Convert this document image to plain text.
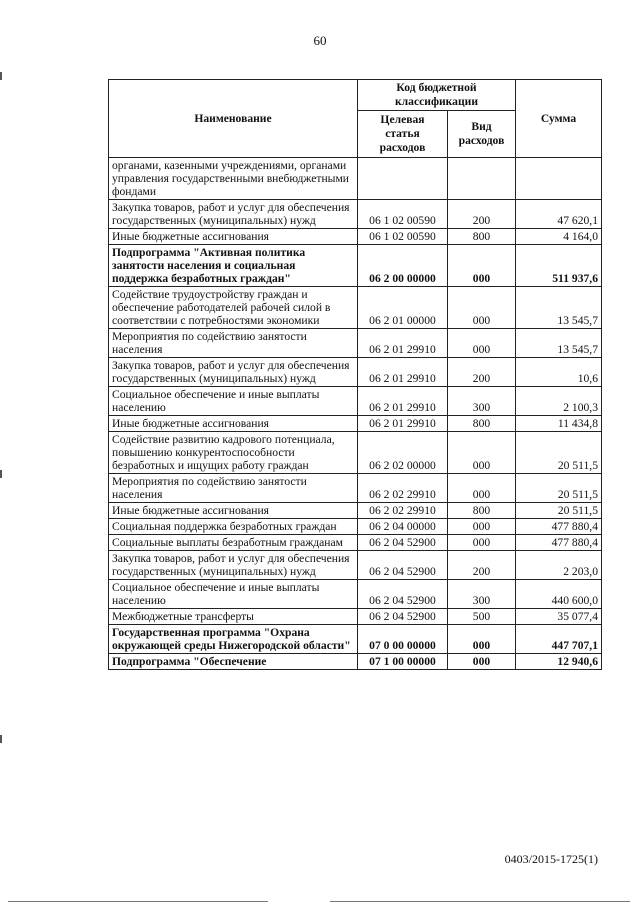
60
Наименование	Код бюджетной классификации		Сумма
	Целевая статья расходов	Вид расходов	
органами, казенными учреждениями, органами управления государственными внебюджетными фондами			
Закупка товаров, работ и услуг для обеспечения государственных (муниципальных) нужд	06 1 02 00590	200	47 620,1
Иные бюджетные ассигнования	06 1 02 00590	800	4 164,0
Подпрограмма "Активная политика занятости населения и социальная поддержка безработных граждан"	06 2 00 00000	000	511 937,6
Содействие трудоустройству граждан и обеспечение работодателей рабочей силой в соответствии с потребностями экономики	06 2 01 00000	000	13 545,7
Мероприятия по содействию занятости населения	06 2 01 29910	000	13 545,7
Закупка товаров, работ и услуг для обеспечения государственных (муниципальных) нужд	06 2 01 29910	200	10,6
Социальное обеспечение и иные выплаты населению	06 2 01 29910	300	2 100,3
Иные бюджетные ассигнования	06 2 01 29910	800	11 434,8
Содействие развитию кадрового потенциала, повышению конкурентоспособности безработных и ищущих работу граждан	06 2 02 00000	000	20 511,5
Мероприятия по содействию занятости населения	06 2 02 29910	000	20 511,5
Иные бюджетные ассигнования	06 2 02 29910	800	20 511,5
Социальная поддержка безработных граждан	06 2 04 00000	000	477 880,4
Социальные выплаты безработным гражданам	06 2 04 52900	000	477 880,4
Закупка товаров, работ и услуг для обеспечения государственных (муниципальных) нужд	06 2 04 52900	200	2 203,0
Социальное обеспечение и иные выплаты населению	06 2 04 52900	300	440 600,0
Межбюджетные трансферты	06 2 04 52900	500	35 077,4
Государственная программа "Охрана окружающей среды Нижегородской области"	07 0 00 00000	000	447 707,1
Подпрограмма "Обеспечение	07 1 00 00000	000	12 940,6
0403/2015-1725(1)
